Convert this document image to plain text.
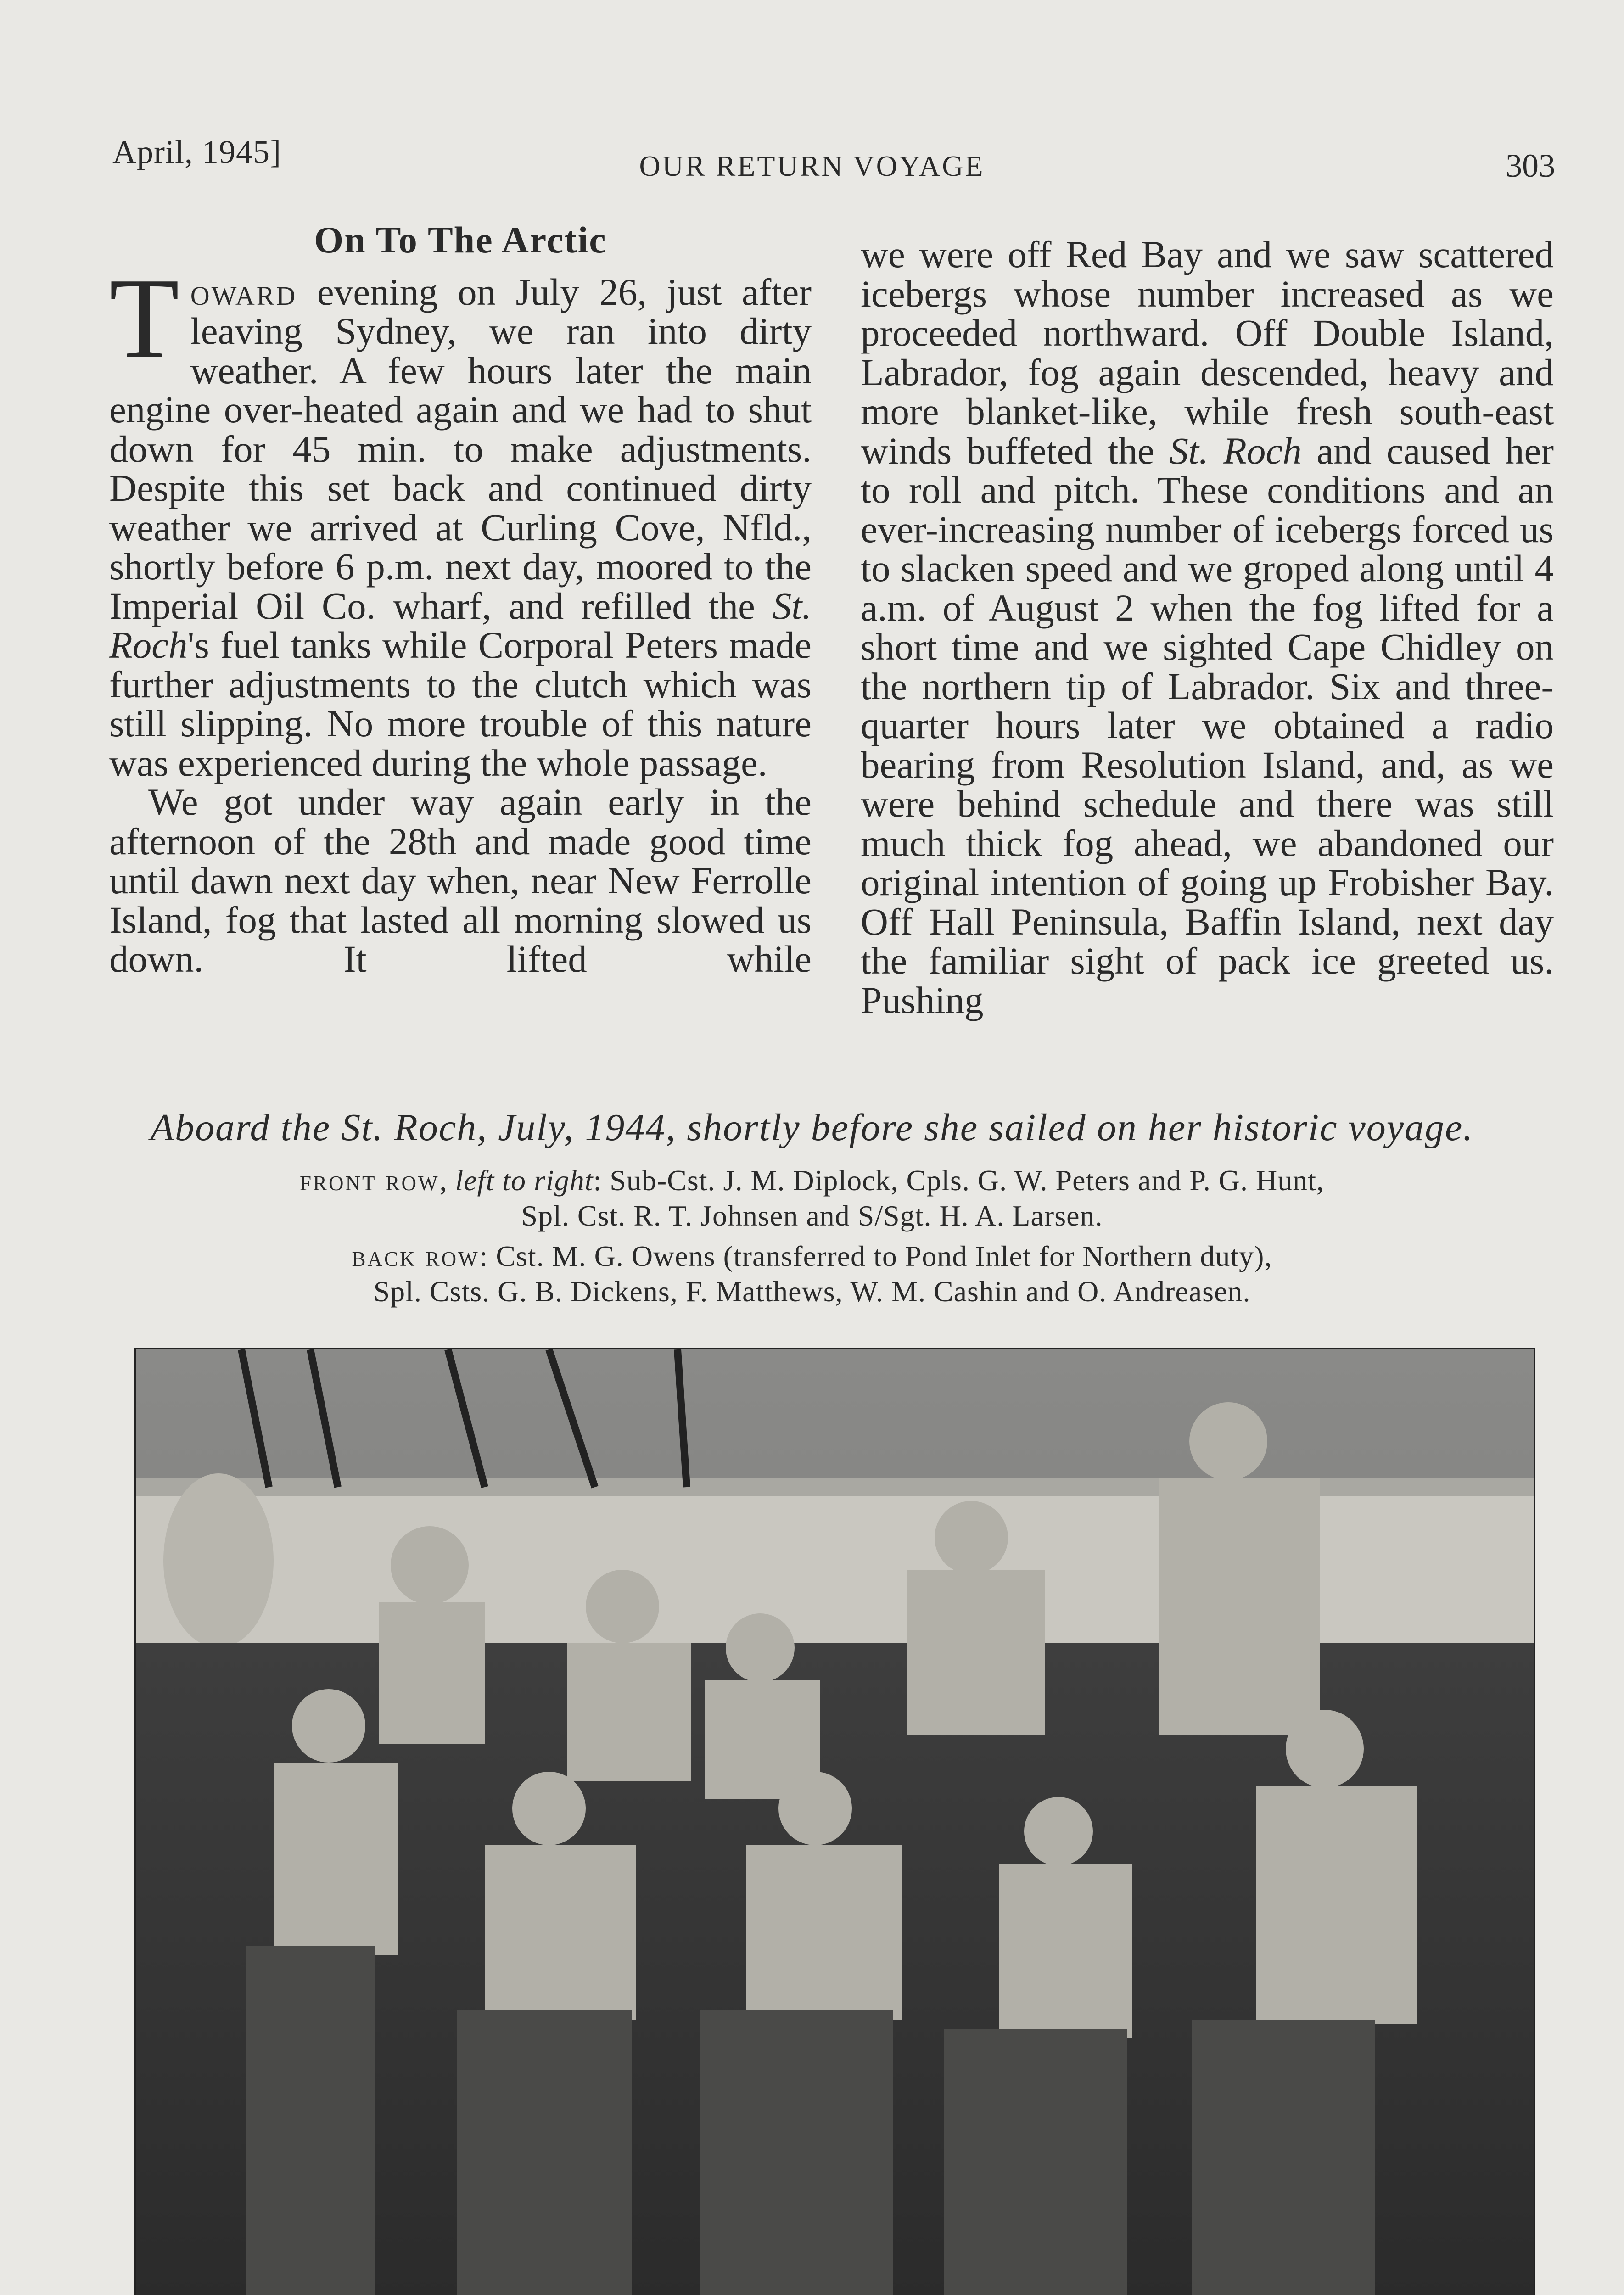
April, 1945]	OUR RETURN VOYAGE	303
On To The Arctic

Toward evening on July 26, just after leaving Sydney, we ran into dirty weather. A few hours later the main engine over-heated again and we had to shut down for 45 min. to make adjustments. Despite this set back and continued dirty weather we arrived at Curling Cove, Nfld., shortly before 6 p.m. next day, moored to the Imperial Oil Co. wharf, and refilled the St. Roch's fuel tanks while Corporal Peters made further adjustments to the clutch which was still slipping. No more trouble of this nature was experienced during the whole passage.

We got under way again early in the afternoon of the 28th and made good time until dawn next day when, near New Ferrolle Island, fog that lasted all morning slowed us down. It lifted while

we were off Red Bay and we saw scattered icebergs whose number increased as we proceeded northward. Off Double Island, Labrador, fog again descended, heavy and more blanket-like, while fresh south-east winds buffeted the St. Roch and caused her to roll and pitch. These conditions and an ever-increasing number of icebergs forced us to slacken speed and we groped along until 4 a.m. of August 2 when the fog lifted for a short time and we sighted Cape Chidley on the northern tip of Labrador. Six and three-quarter hours later we obtained a radio bearing from Resolution Island, and, as we were behind schedule and there was still much thick fog ahead, we abandoned our original intention of going up Frobisher Bay. Off Hall Peninsula, Baffin Island, next day the familiar sight of pack ice greeted us. Pushing

Aboard the St. Roch, July, 1944, shortly before she sailed on her historic voyage.
front row, left to right: Sub-Cst. J. M. Diplock, Cpls. G. W. Peters and P. G. Hunt,
Spl. Cst. R. T. Johnsen and S/Sgt. H. A. Larsen.
back row: Cst. M. G. Owens (transferred to Pond Inlet for Northern duty),
Spl. Csts. G. B. Dickens, F. Matthews, W. M. Cashin and O. Andreasen.
